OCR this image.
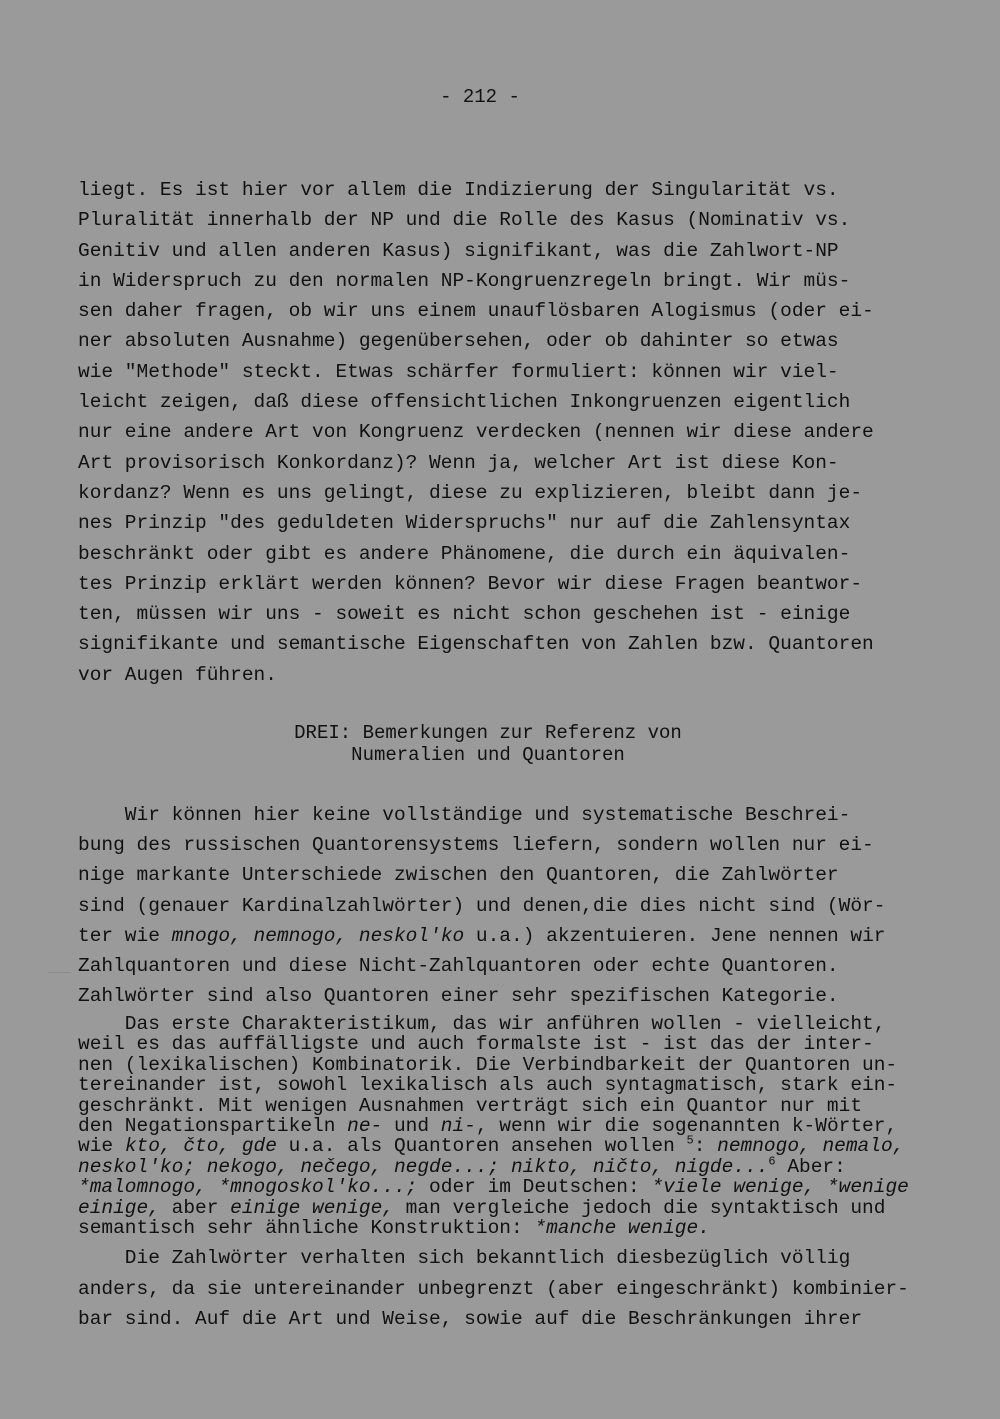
- 212 -
liegt. Es ist hier vor allem die Indizierung der Singularität vs.
Pluralität innerhalb der NP und die Rolle des Kasus (Nominativ vs.
Genitiv und allen anderen Kasus) signifikant, was die Zahlwort-NP
in Widerspruch zu den normalen NP-Kongruenzregeln bringt. Wir müs-
sen daher fragen, ob wir uns einem unauflösbaren Alogismus (oder ei-
ner absoluten Ausnahme) gegenübersehen, oder ob dahinter so etwas
wie "Methode" steckt. Etwas schärfer formuliert: können wir viel-
leicht zeigen, daß diese offensichtlichen Inkongruenzen eigentlich
nur eine andere Art von Kongruenz verdecken (nennen wir diese andere
Art provisorisch Konkordanz)? Wenn ja, welcher Art ist diese Kon-
kordanz? Wenn es uns gelingt, diese zu explizieren, bleibt dann je-
nes Prinzip "des geduldeten Widerspruchs" nur auf die Zahlensyntax
beschränkt oder gibt es andere Phänomene, die durch ein äquivalen-
tes Prinzip erklärt werden können? Bevor wir diese Fragen beantwor-
ten, müssen wir uns - soweit es nicht schon geschehen ist - einige
signifikante und semantische Eigenschaften von Zahlen bzw. Quantoren
vor Augen führen.
DREI: Bemerkungen zur Referenz von
Numeralien und Quantoren
Wir können hier keine vollständige und systematische Beschrei-
bung des russischen Quantorensystems liefern, sondern wollen nur ei-
nige markante Unterschiede zwischen den Quantoren, die Zahlwörter
sind (genauer Kardinalzahlwörter) und denen,die dies nicht sind (Wör-
ter wie mnogo, nemnogo, neskol'ko u.a.) akzentuieren. Jene nennen wir
Zahlquantoren und diese Nicht-Zahlquantoren oder echte Quantoren.
Zahlwörter sind also Quantoren einer sehr spezifischen Kategorie.
Das erste Charakteristikum, das wir anführen wollen - vielleicht,
weil es das auffälligste und auch formalste ist - ist das der inter-
nen (lexikalischen) Kombinatorik. Die Verbindbarkeit der Quantoren un-
tereinander ist, sowohl lexikalisch als auch syntagmatisch, stark ein-
geschränkt. Mit wenigen Ausnahmen verträgt sich ein Quantor nur mit
den Negationspartikeln ne- und ni-, wenn wir die sogenannten k-Wörter,
wie kto, čto, gde u.a. als Quantoren ansehen wollen $^5$: nemnogo, nemalo,
neskol'ko; nekogo, nečego, negde...; nikto, ničto, nigde...$^6$ Aber:
*malomnogo, *mnogoskol'ko...; oder im Deutschen: *viele wenige, *wenige
einige, aber einige wenige, man vergleiche jedoch die syntaktisch und
semantisch sehr ähnliche Konstruktion: *manche wenige.
Die Zahlwörter verhalten sich bekanntlich diesbezüglich völlig
anders, da sie untereinander unbegrenzt (aber eingeschränkt) kombinier-
bar sind. Auf die Art und Weise, sowie auf die Beschränkungen ihrer
